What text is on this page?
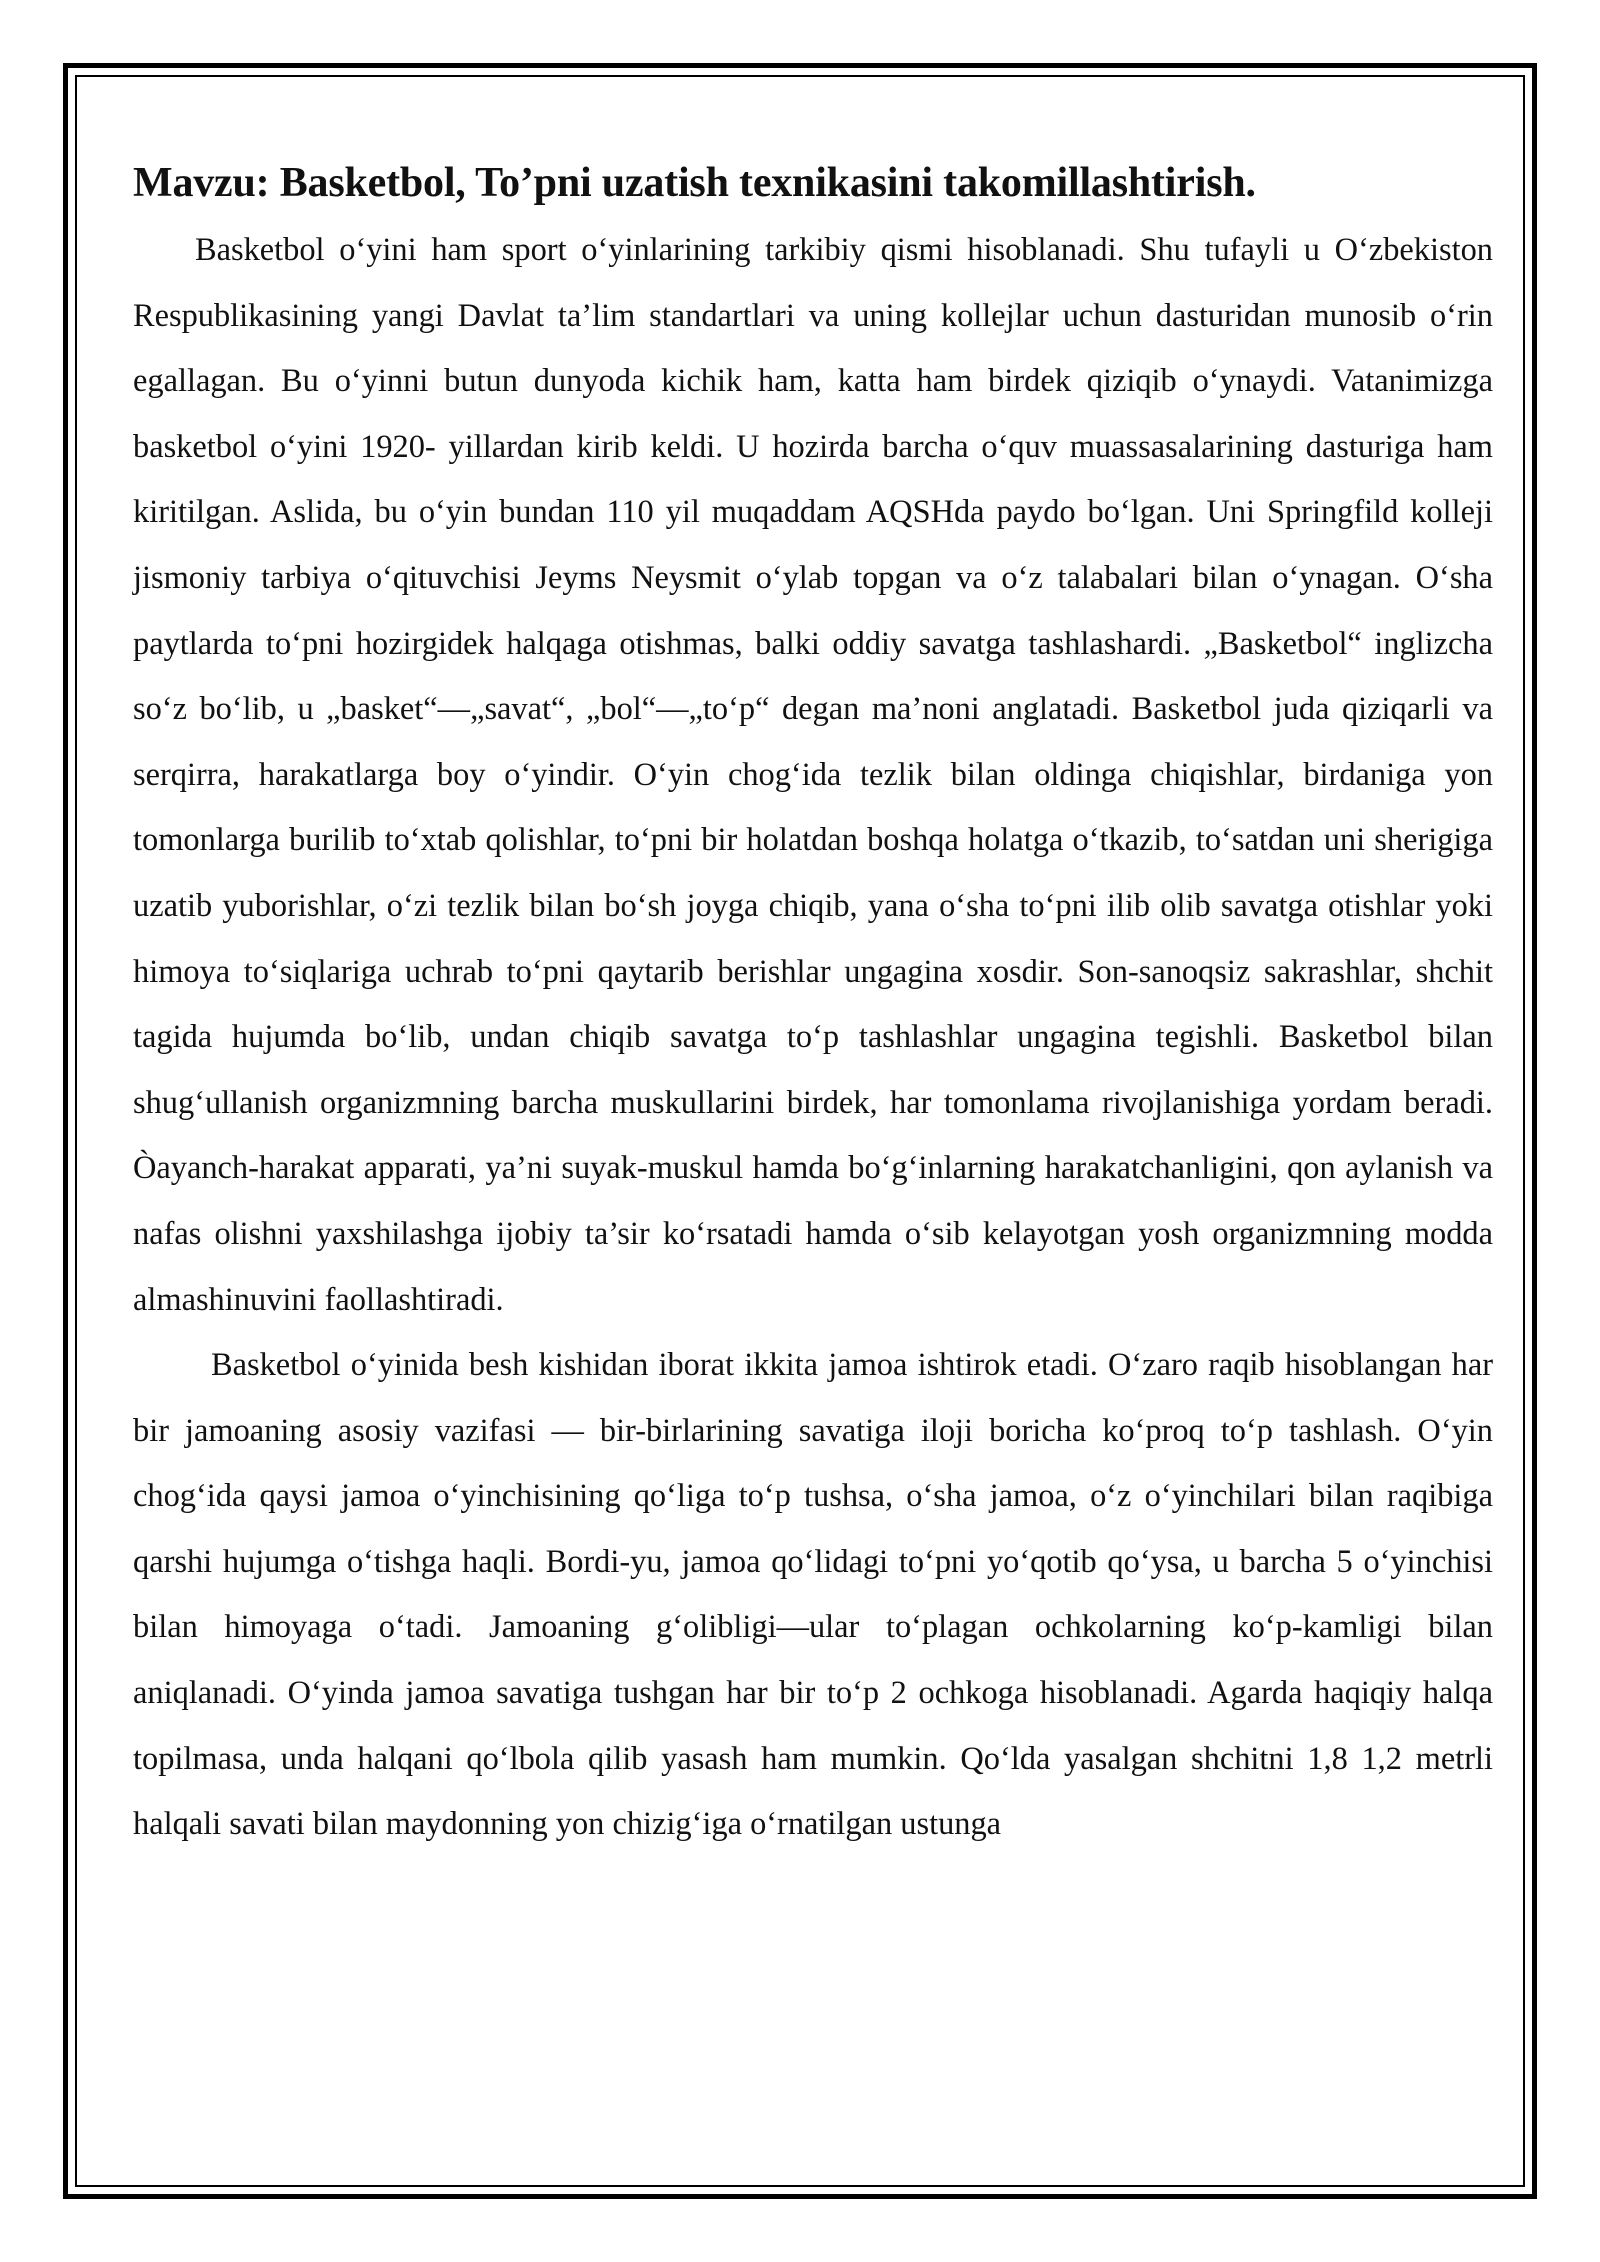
Mavzu: Basketbol, To’pni uzatish texnikasini takomillashtirish.

Basketbol o‘yini ham sport o‘yinlarining tarkibiy qismi hisoblanadi. Shu tufayli u O‘zbekiston Respublikasining yangi Davlat ta’lim standartlari va uning kollejlar uchun dasturidan munosib o‘rin egallagan. Bu o‘yinni butun dunyoda kichik ham, katta ham birdek qiziqib o‘ynaydi. Vatanimizga basketbol o‘yini 1920- yillardan kirib keldi. U hozirda barcha o‘quv muassasalarining dasturiga ham kiritilgan. Aslida, bu o‘yin bundan 110 yil muqaddam AQSHda paydo bo‘lgan. Uni Springfild kolleji jismoniy tarbiya o‘qituvchisi Jeyms Neysmit o‘ylab topgan va o‘z talabalari bilan o‘ynagan. O‘sha paytlarda to‘pni hozirgidek halqaga otishmas, balki oddiy savatga tashlashardi. „Basketbol“ inglizcha so‘z bo‘lib, u „basket“—„savat“, „bol“—„to‘p“ degan ma’noni anglatadi. Basketbol juda qiziqarli va serqirra, harakatlarga boy o‘yindir. O‘yin chog‘ida tezlik bilan oldinga chiqishlar, birdaniga yon tomonlarga burilib to‘xtab qolishlar, to‘pni bir holatdan boshqa holatga o‘tkazib, to‘satdan uni sherigiga uzatib yuborishlar, o‘zi tezlik bilan bo‘sh joyga chiqib, yana o‘sha to‘pni ilib olib savatga otishlar yoki himoya to‘siqlariga uchrab to‘pni qaytarib berishlar ungagina xosdir. Son-sanoqsiz sakrashlar, shchit tagida hujumda bo‘lib, undan chiqib savatga to‘p tashlashlar ungagina tegishli. Basketbol bilan shug‘ullanish organizmning barcha muskullarini birdek, har tomonlama rivojlanishiga yordam beradi. Òayanch-harakat apparati, ya’ni suyak-muskul hamda bo‘g‘inlarning harakatchanligini, qon aylanish va nafas olishni yaxshilashga ijobiy ta’sir ko‘rsatadi hamda o‘sib kelayotgan yosh organizmning modda almashinuvini faollashtiradi.

Basketbol o‘yinida besh kishidan iborat ikkita jamoa ishtirok etadi. O‘zaro raqib hisoblangan har bir jamoaning asosiy vazifasi — bir-birlarining savatiga iloji boricha ko‘proq to‘p tashlash. O‘yin chog‘ida qaysi jamoa o‘yinchisining qo‘liga to‘p tushsa, o‘sha jamoa, o‘z o‘yinchilari bilan raqibiga qarshi hujumga o‘tishga haqli. Bordi-yu, jamoa qo‘lidagi to‘pni yo‘qotib qo‘ysa, u barcha 5 o‘yinchisi bilan himoyaga o‘tadi. Jamoaning g‘olibligi—ular to‘plagan ochkolarning ko‘p-kamligi bilan aniqlanadi. O‘yinda jamoa savatiga tushgan har bir to‘p 2 ochkoga hisoblanadi. Agarda haqiqiy halqa topilmasa, unda halqani qo‘lbola qilib yasash ham mumkin. Qo‘lda yasalgan shchitni 1,8 1,2 metrli halqali savati bilan maydonning yon chizig‘iga o‘rnatilgan ustunga
